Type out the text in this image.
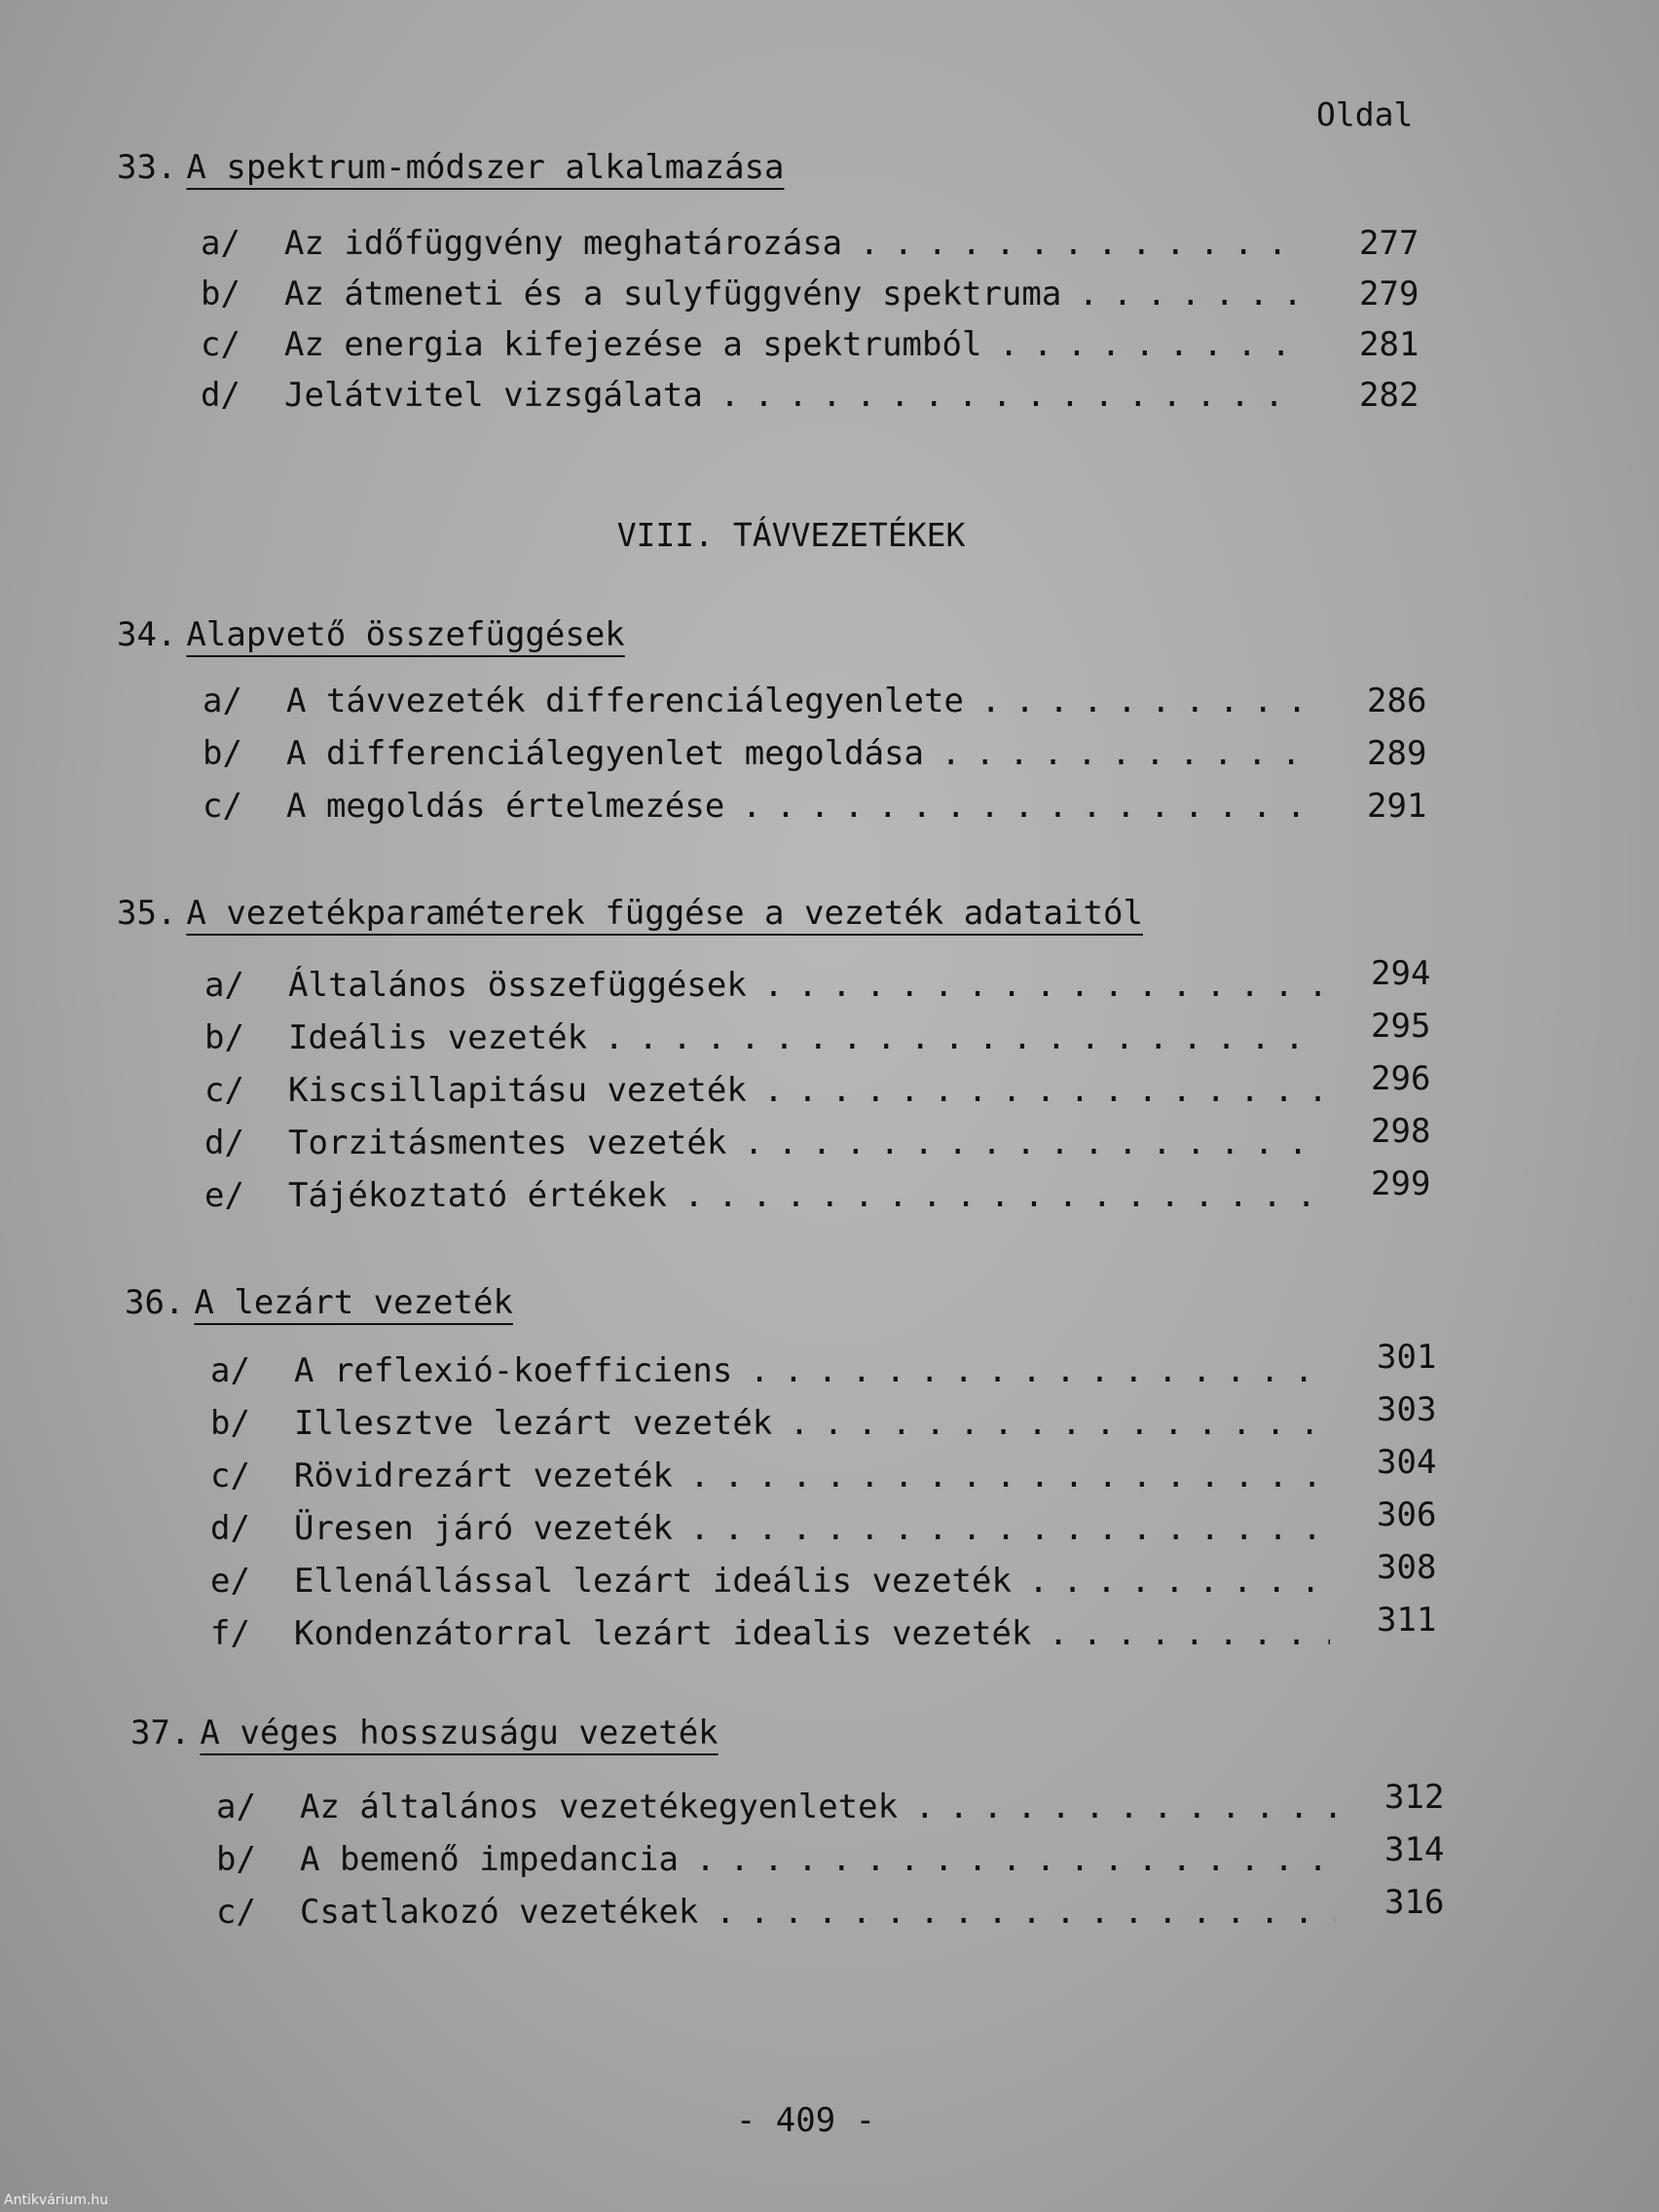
Oldal
33. A spektrum-módszer alkalmazása
a/ Az időfüggvény meghatározása . . .
b/ Az átmeneti és a sulyfüggvény spektruma . . .
c/ Az energia kifejezése a spektrumból . . .
d/ Jelátvitel vizsgálata . . .
277
279
281
282
VIII. TÁVVEZETÉKEK
34. Alapvető összefüggések
a/ A távvezeték differenciálegyenlete . . .
b/ A differenciálegyenlet megoldása . . .
c/ A megoldás értelmezése . . .
286
289
291
35. A vezetékparaméterek függése a vezeték adataitól
a/ Általános összefüggések . . .
b/ Ideális vezeték . . .
c/ Kiscsillapitásu vezeték . . .
d/ Torzitásmentes vezeték . . .
e/ Tájékoztató értékek . . .
294
295
296
298
299
36. A lezárt vezeték
a/ A reflexió-koefficiens . . .
b/ Illesztve lezárt vezeték . . .
c/ Rövidrezárt vezeték . . .
d/ Üresen járó vezeték . . .
e/ Ellenállással lezárt ideális vezeték . . .
f/ Kondenzátorral lezárt idealis vezeték . . .
301
303
304
306
308
311
37. A véges hosszuságu vezeték
a/ Az általános vezetékegyenletek . . .
b/ A bemenő impedancia . . .
c/ Csatlakozó vezetékek . . .
312
314
316
- 409 -
Antikvárium.hu
